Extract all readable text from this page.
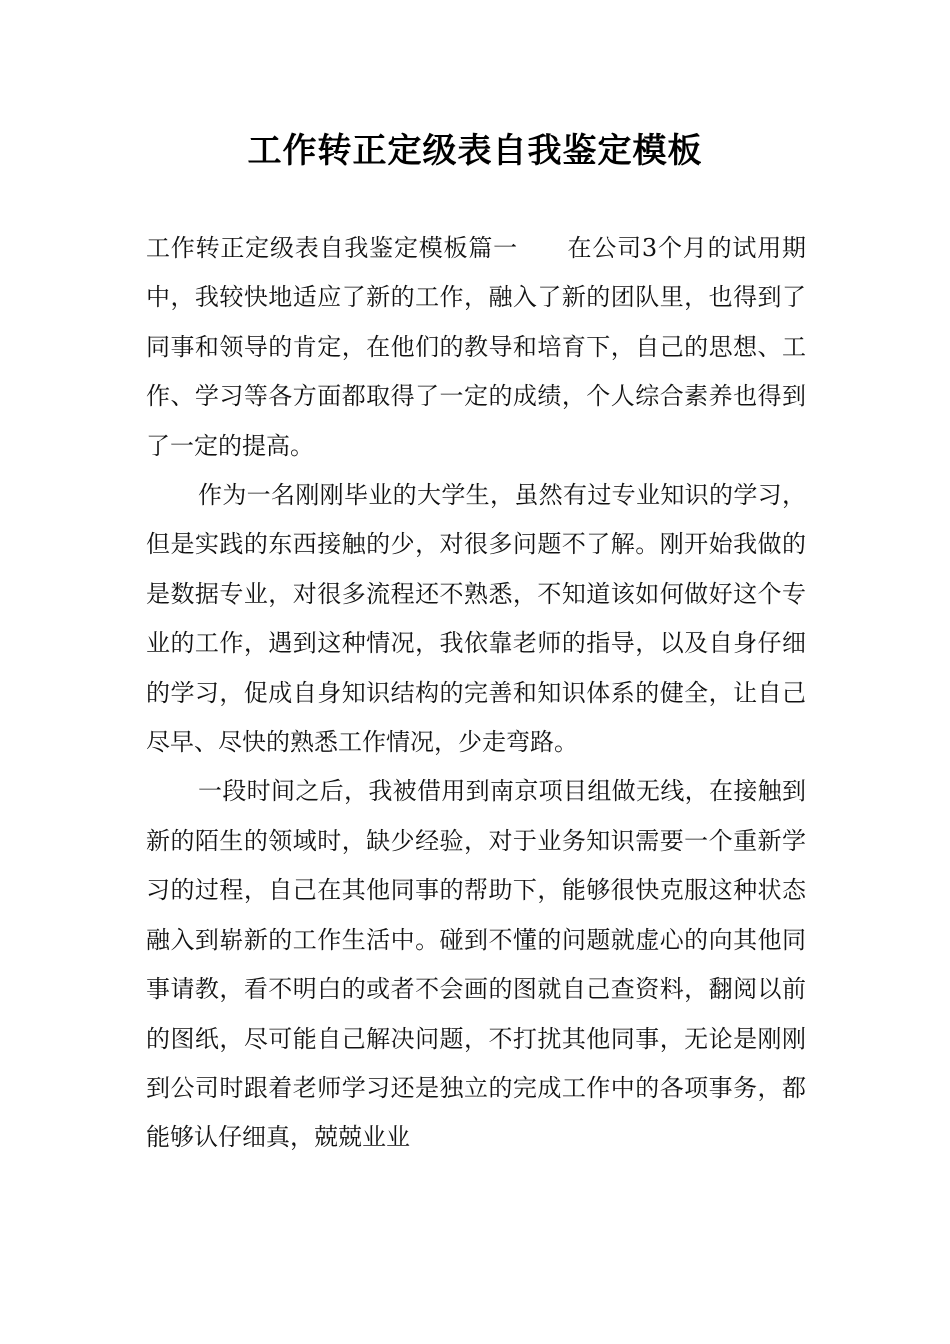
工作转正定级表自我鉴定模板

工作转正定级表自我鉴定模板篇一　　在公司3个月的试用期中，我较快地适应了新的工作，融入了新的团队里，也得到了同事和领导的肯定，在他们的教导和培育下，自己的思想、工作、学习等各方面都取得了一定的成绩，个人综合素养也得到了一定的提高。

作为一名刚刚毕业的大学生，虽然有过专业知识的学习，但是实践的东西接触的少，对很多问题不了解。刚开始我做的是数据专业，对很多流程还不熟悉，不知道该如何做好这个专业的工作，遇到这种情况，我依靠老师的指导，以及自身仔细的学习，促成自身知识结构的完善和知识体系的健全，让自己尽早、尽快的熟悉工作情况，少走弯路。

一段时间之后，我被借用到南京项目组做无线，在接触到新的陌生的领域时，缺少经验，对于业务知识需要一个重新学习的过程，自己在其他同事的帮助下，能够很快克服这种状态融入到崭新的工作生活中。碰到不懂的问题就虚心的向其他同事请教，看不明白的或者不会画的图就自己查资料，翻阅以前的图纸，尽可能自己解决问题，不打扰其他同事，无论是刚刚到公司时跟着老师学习还是独立的完成工作中的各项事务，都能够认仔细真，兢兢业业
